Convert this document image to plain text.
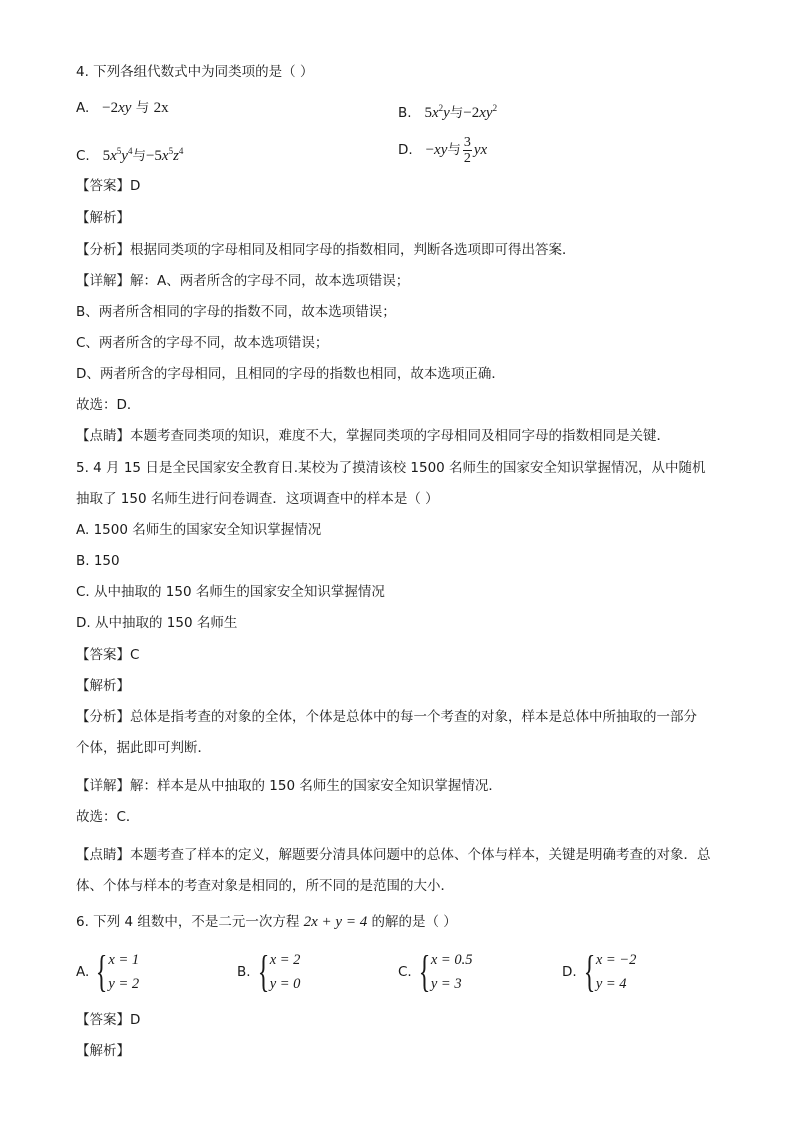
4. 下列各组代数式中为同类项的是（ ）
A. −2xy 与 2x	B. $5x^2y$与$-2xy^2$
C. $5x^5y^4$与$-5x^5z^4$	D. −xy与 $\frac{3}{2}$ yx
【答案】D
【解析】
【分析】根据同类项的字母相同及相同字母的指数相同，判断各选项即可得出答案．
【详解】解：A、两者所含的字母不同，故本选项错误；
B、两者所含相同的字母的指数不同，故本选项错误；
C、两者所含的字母不同，故本选项错误；
D、两者所含的字母相同，且相同的字母的指数也相同，故本选项正确．
故选：D．
【点睛】本题考查同类项的知识，难度不大，掌握同类项的字母相同及相同字母的指数相同是关键．
5. 4 月 15 日是全民国家安全教育日.某校为了摸清该校 1500 名师生的国家安全知识掌握情况，从中随机
抽取了 150 名师生进行问卷调查．这项调查中的样本是（ ）
A. 1500 名师生的国家安全知识掌握情况
B. 150
C. 从中抽取的 150 名师生的国家安全知识掌握情况
D. 从中抽取的 150 名师生
【答案】C
【解析】
【分析】总体是指考查的对象的全体，个体是总体中的每一个考查的对象，样本是总体中所抽取的一部分
个体，据此即可判断．
【详解】解：样本是从中抽取的 150 名师生的国家安全知识掌握情况．
故选：C．
【点睛】本题考查了样本的定义，解题要分清具体问题中的总体、个体与样本，关键是明确考查的对象．总
体、个体与样本的考查对象是相同的，所不同的是范围的大小．
6. 下列 4 组数中，不是二元一次方程 2x + y = 4 的解的是（ ）
A. { x = 1
y = 2
B. { x = 2
y = 0
C. { x = 0.5
y = 3
D. { x = −2
y = 4
【答案】D
【解析】
